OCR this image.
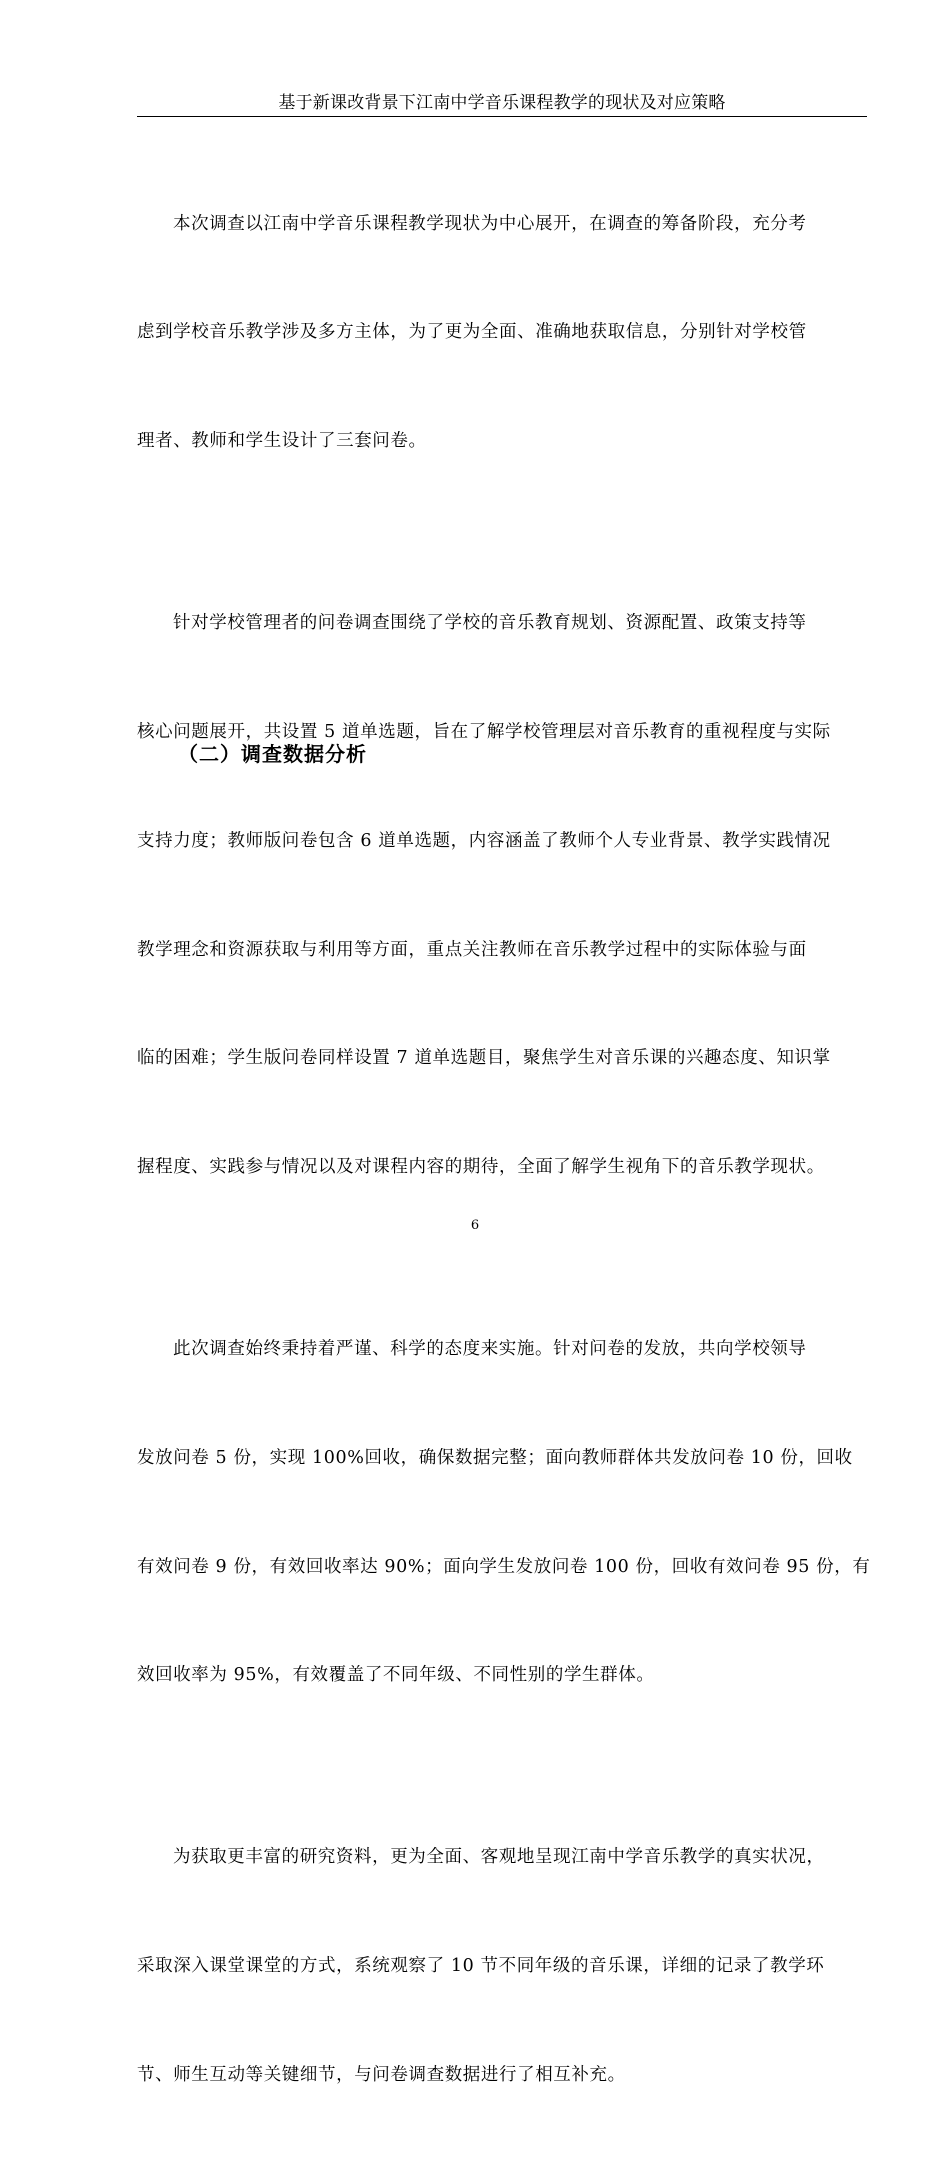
基于新课改背景下江南中学音乐课程教学的现状及对应策略

本次调查以江南中学音乐课程教学现状为中心展开，在调查的筹备阶段，充分考

虑到学校音乐教学涉及多方主体，为了更为全面、准确地获取信息，分别针对学校管

理者、教师和学生设计了三套问卷。

针对学校管理者的问卷调查围绕了学校的音乐教育规划、资源配置、政策支持等

核心问题展开，共设置 5 道单选题，旨在了解学校管理层对音乐教育的重视程度与实际

支持力度；教师版问卷包含 6 道单选题，内容涵盖了教师个人专业背景、教学实践情况

教学理念和资源获取与利用等方面，重点关注教师在音乐教学过程中的实际体验与面

临的困难；学生版问卷同样设置 7 道单选题目，聚焦学生对音乐课的兴趣态度、知识掌

握程度、实践参与情况以及对课程内容的期待，全面了解学生视角下的音乐教学现状。

此次调查始终秉持着严谨、科学的态度来实施。针对问卷的发放，共向学校领导

发放问卷 5 份，实现 100%回收，确保数据完整；面向教师群体共发放问卷 10 份，回收

有效问卷 9 份，有效回收率达 90%；面向学生发放问卷 100 份，回收有效问卷 95 份，有

效回收率为 95%，有效覆盖了不同年级、不同性别的学生群体。

为获取更丰富的研究资料，更为全面、客观地呈现江南中学音乐教学的真实状况，

采取深入课堂课堂的方式，系统观察了 10 节不同年级的音乐课，详细的记录了教学环

节、师生互动等关键细节，与问卷调查数据进行了相互补充。

（二）调查数据分析
6
